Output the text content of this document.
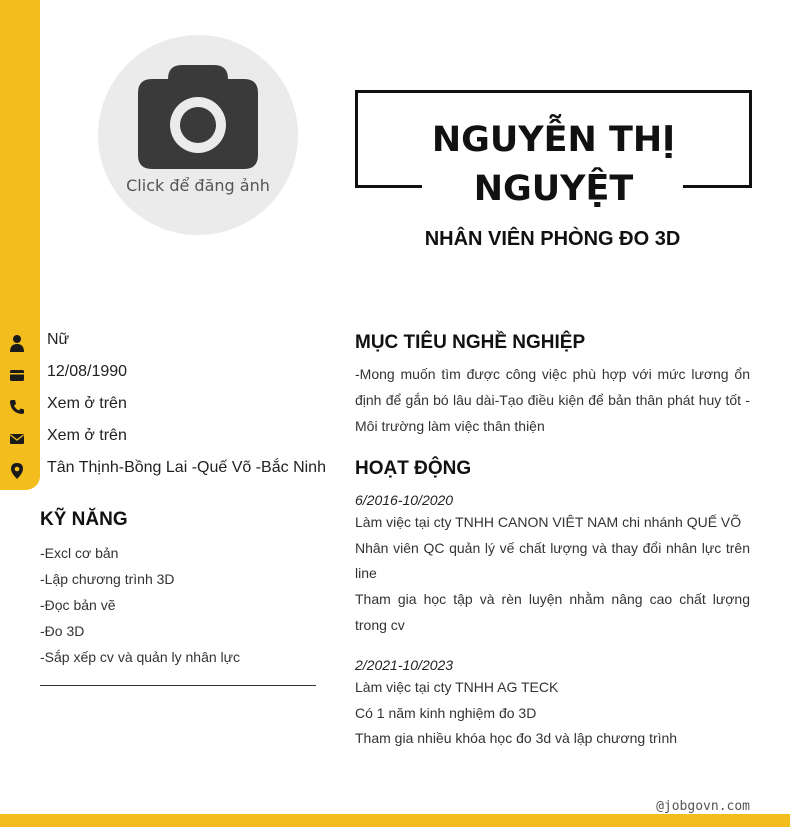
Click để đăng ảnh
NGUYỄN THỊ NGUYỆT
NHÂN VIÊN PHÒNG ĐO 3D
Nữ
12/08/1990
Xem ở trên
Xem ở trên
Tân Thịnh-Bồng Lai -Quế Võ -Bắc Ninh
KỸ NĂNG
-Excl cơ bản
-Lập chương trình 3D
-Đọc bản vẽ
-Đo 3D
-Sắp xếp cv và quản ly nhân lực
MỤC TIÊU NGHỀ NGHIỆP
-Mong muốn tìm được công việc phù hợp với mức lương ổn định để gắn bó lâu dài-Tạo điều kiện để bản thân phát huy tốt -Môi trường làm việc thân thiện
HOẠT ĐỘNG
6/2016-10/2020
Làm việc tại cty TNHH CANON VIÊT NAM chi nhánh QUẾ VÕ
Nhân viên QC quản lý vế chất lượng và thay đổi nhân lực trên line
Tham gia học tập và rèn luyện nhằm nâng cao chất lượng trong cv
2/2021-10/2023
Làm việc tại cty TNHH AG TECK
Có 1 năm kinh nghiệm đo 3D
Tham gia nhiều khóa học đo 3d và lập chương trình
@jobgovn.com
